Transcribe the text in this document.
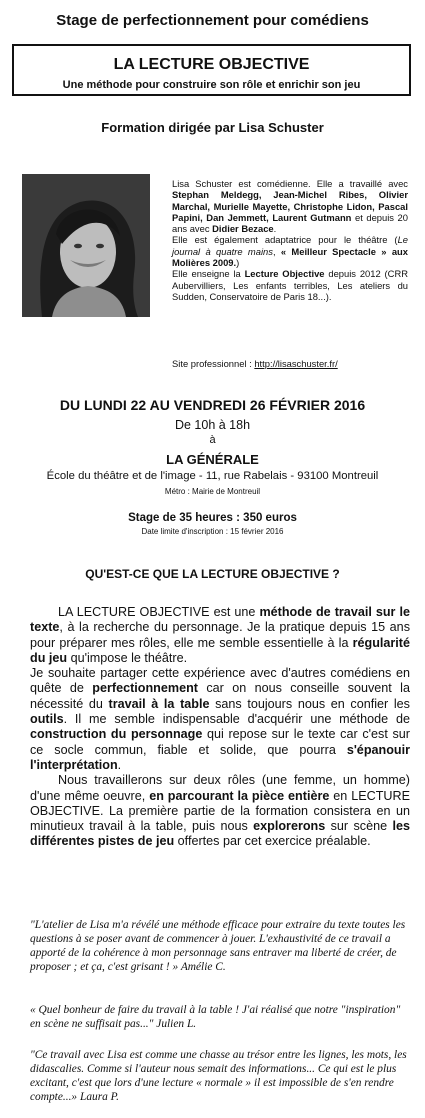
Stage de perfectionnement pour comédiens
LA LECTURE OBJECTIVE

Une méthode pour construire son rôle et enrichir son jeu

Formation dirigée par Lisa Schuster

Lisa Schuster est comédienne. Elle a travaillé avec Stephan Meldegg, Jean-Michel Ribes, Olivier Marchal, Murielle Mayette, Christophe Lidon, Pascal Papini, Dan Jemmett, Laurent Gutmann et depuis 20 ans avec Didier Bezace.

Elle est également adaptatrice pour le théâtre (Le journal à quatre mains, « Meilleur Spectacle » aux Molières 2009.)

Elle enseigne la Lecture Objective depuis 2012 (CRR Aubervilliers, Les enfants terribles, Les ateliers du Sudden, Conservatoire de Paris 18...).

Site professionnel : http://lisaschuster.fr/
DU LUNDI 22 AU VENDREDI 26 FÉVRIER 2016
De 10h à 18h
à
LA GÉNÉRALE
École du théâtre et de l'image - 11, rue Rabelais - 93100 Montreuil
Métro : Mairie de Montreuil
Stage de 35 heures : 350 euros
Date limite d'inscription : 15 février 2016
QU'EST-CE QUE LA LECTURE OBJECTIVE ?

LA LECTURE OBJECTIVE est une méthode de travail sur le texte, à la recherche du personnage. Je la pratique depuis 15 ans pour préparer mes rôles, elle me semble essentielle à la régularité du jeu qu'impose le théâtre.

Je souhaite partager cette expérience avec d'autres comédiens en quête de perfectionnement car on nous conseille souvent la nécessité du travail à la table sans toujours nous en confier les outils. Il me semble indispensable d'acquérir une méthode de construction du personnage qui repose sur le texte car c'est sur ce socle commun, fiable et solide, que pourra s'épanouir l'interprétation.

Nous travaillerons sur deux rôles (une femme, un homme) d'une même oeuvre, en parcourant la pièce entière en LECTURE OBJECTIVE. La première partie de la formation consistera en un minutieux travail à la table, puis nous explorerons sur scène les différentes pistes de jeu offertes par cet exercice préalable.

"L'atelier de Lisa m'a révélé une méthode efficace pour extraire du texte toutes les questions à se poser avant de commencer à jouer. L'exhaustivité de ce travail a apporté de la cohérence à mon personnage sans entraver ma liberté de créer, de proposer ; et ça, c'est grisant ! » Amélie C.
« Quel bonheur de faire du travail à la table ! J'ai réalisé que notre "inspiration" en scène ne suffisait pas..." Julien L.
"Ce travail avec Lisa est comme une chasse au trésor entre les lignes, les mots, les didascalies. Comme si l'auteur nous semait des informations... Ce qui est le plus excitant, c'est que lors d'une lecture « normale » il est impossible de s'en rendre compte...» Laura P.
